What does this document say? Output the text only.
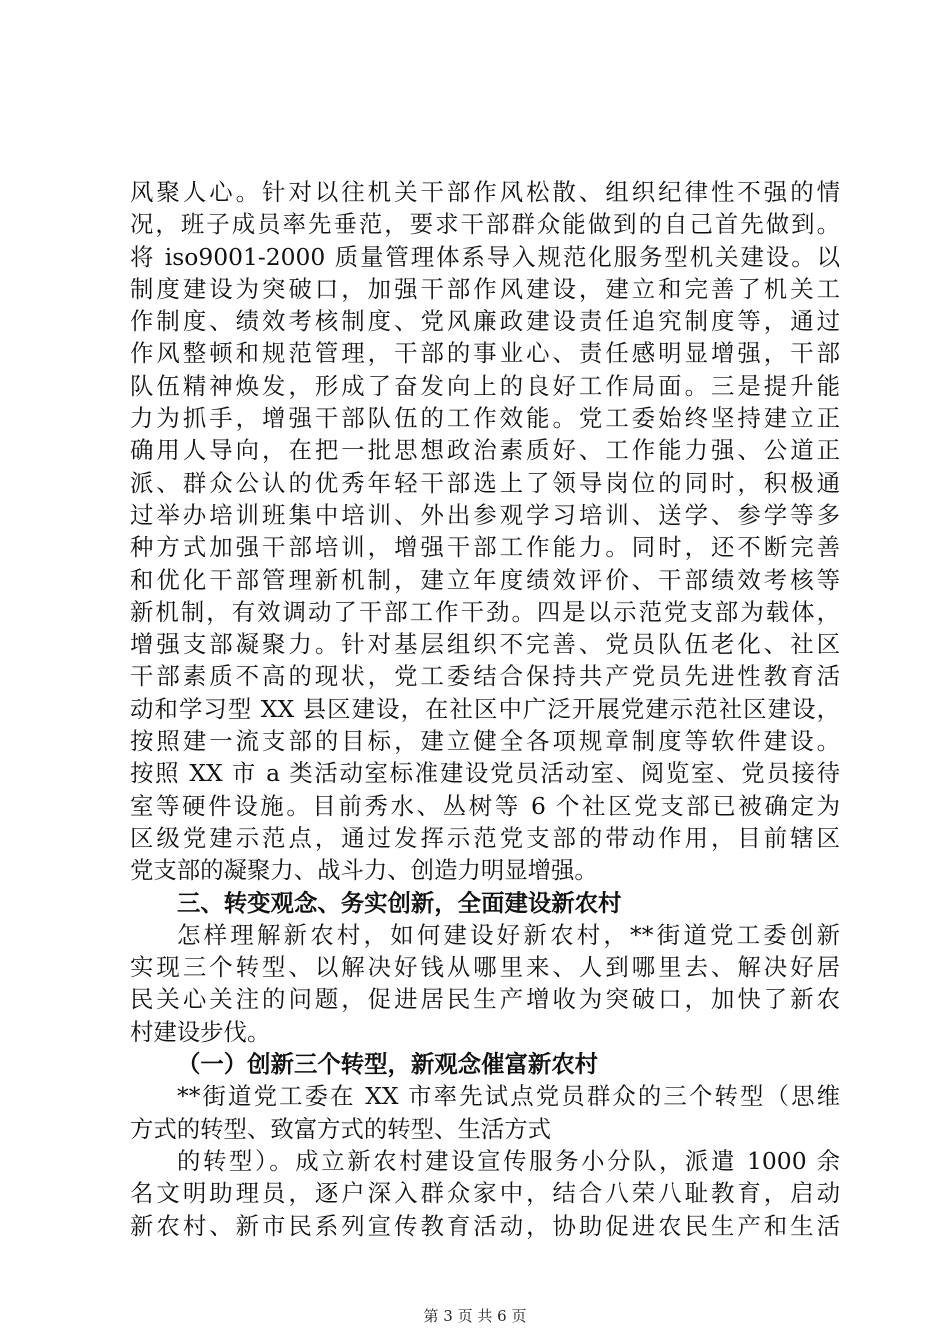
风聚人心。针对以往机关干部作风松散、组织纪律性不强的情
况，班子成员率先垂范，要求干部群众能做到的自己首先做到。
将 iso9001-2000 质量管理体系导入规范化服务型机关建设。以
制度建设为突破口，加强干部作风建设，建立和完善了机关工
作制度、绩效考核制度、党风廉政建设责任追究制度等，通过
作风整顿和规范管理，干部的事业心、责任感明显增强，干部
队伍精神焕发，形成了奋发向上的良好工作局面。三是提升能
力为抓手，增强干部队伍的工作效能。党工委始终坚持建立正
确用人导向，在把一批思想政治素质好、工作能力强、公道正
派、群众公认的优秀年轻干部选上了领导岗位的同时，积极通
过举办培训班集中培训、外出参观学习培训、送学、参学等多
种方式加强干部培训，增强干部工作能力。同时，还不断完善
和优化干部管理新机制，建立年度绩效评价、干部绩效考核等
新机制，有效调动了干部工作干劲。四是以示范党支部为载体，
增强支部凝聚力。针对基层组织不完善、党员队伍老化、社区
干部素质不高的现状，党工委结合保持共产党员先进性教育活
动和学习型 XX 县区建设，在社区中广泛开展党建示范社区建设，
按照建一流支部的目标，建立健全各项规章制度等软件建设。
按照 XX 市 a 类活动室标准建设党员活动室、阅览室、党员接待
室等硬件设施。目前秀水、丛树等 6 个社区党支部已被确定为
区级党建示范点，通过发挥示范党支部的带动作用，目前辖区
党支部的凝聚力、战斗力、创造力明显增强。
三、转变观念、务实创新，全面建设新农村
怎样理解新农村，如何建设好新农村，**街道党工委创新
实现三个转型、以解决好钱从哪里来、人到哪里去、解决好居
民关心关注的问题，促进居民生产增收为突破口，加快了新农
村建设步伐。
（一）创新三个转型，新观念催富新农村
**街道党工委在 XX 市率先试点党员群众的三个转型（思维
方式的转型、致富方式的转型、生活方式
的转型）。成立新农村建设宣传服务小分队，派遣 1000 余
名文明助理员，逐户深入群众家中，结合八荣八耻教育，启动
新农村、新市民系列宣传教育活动，协助促进农民生产和生活
第 3 页 共 6 页
